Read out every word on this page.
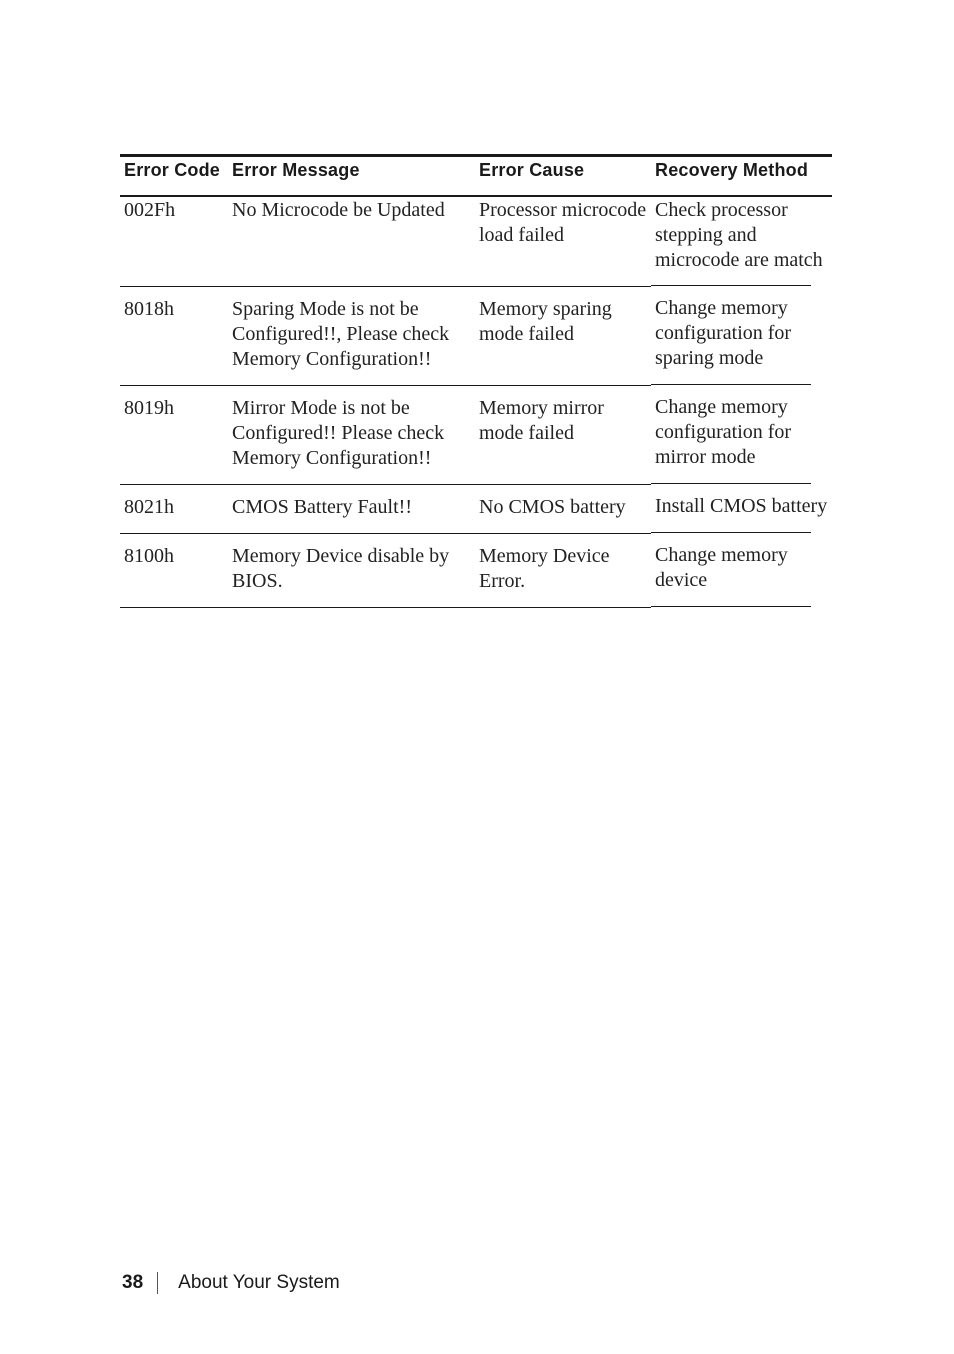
Error Code	Error Message	Error Cause	Recovery Method
002Fh	No Microcode be Updated	Processor microcode load failed	Check processor stepping and microcode are match
8018h	Sparing Mode is not be Configured!!, Please check Memory Configuration!!	Memory sparing mode failed	Change memory configuration for sparing mode
8019h	Mirror Mode is not be Configured!! Please check Memory Configuration!!	Memory mirror mode failed	Change memory configuration for mirror mode
8021h	CMOS Battery Fault!!	No CMOS battery	Install CMOS battery
8100h	Memory Device disable by BIOS.	Memory Device Error.	Change memory device
38 About Your System
